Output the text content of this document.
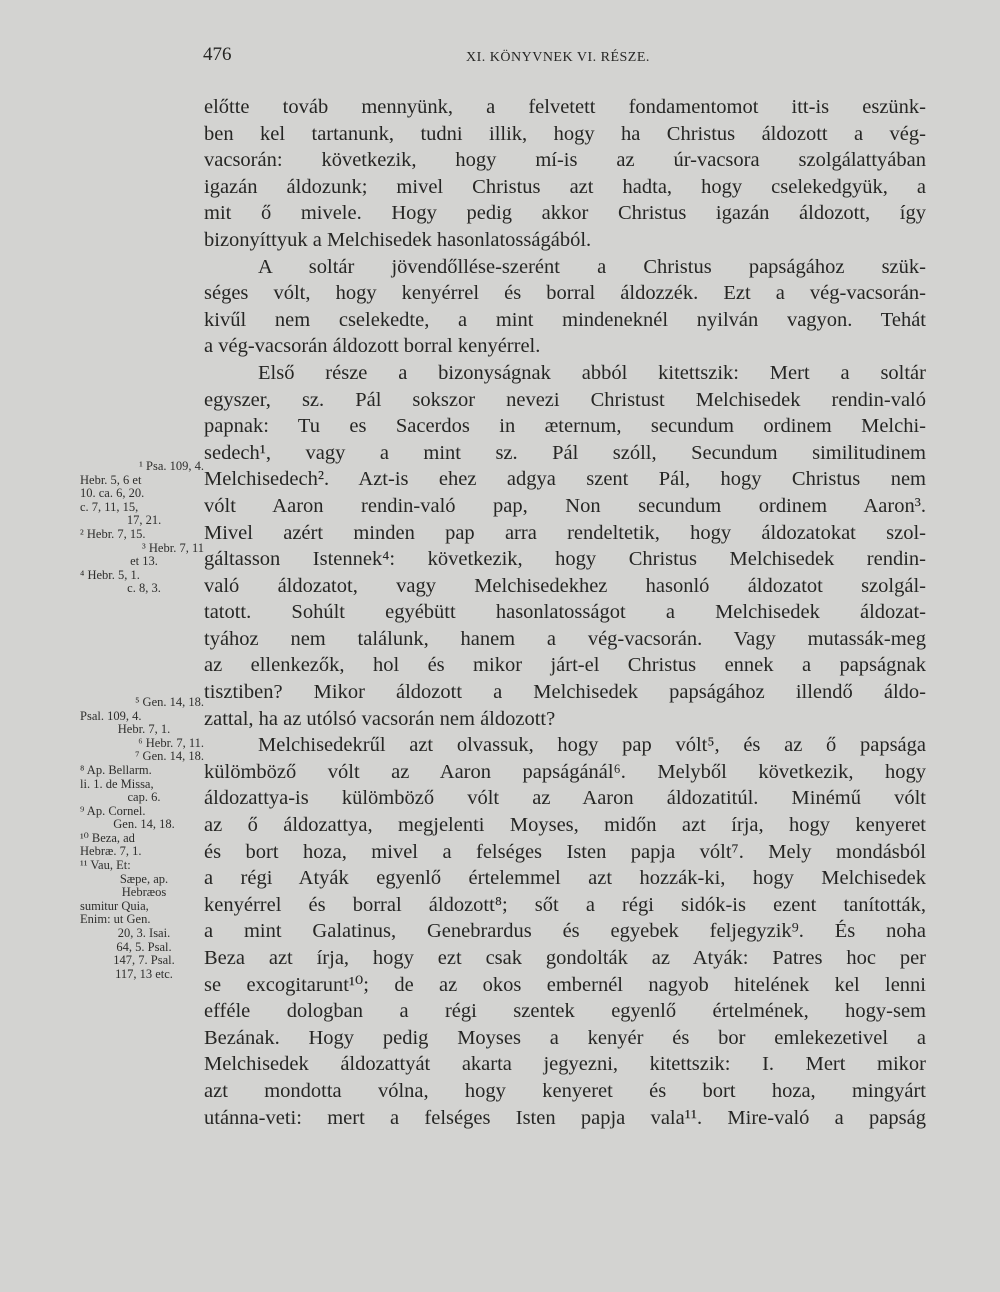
476	XI. KÖNYVNEK VI. RÉSZE.
előtte továb mennyünk, a felvetett fondamentomot itt-is eszünk-
ben kel tartanunk, tudni illik, hogy ha Christus áldozott a vég-
vacsorán: következik, hogy mí-is az úr-vacsora szolgálattyában
igazán áldozunk; mivel Christus azt hadta, hogy cselekedgyük, a
mit ő mivele. Hogy pedig akkor Christus igazán áldozott, így
bizonyíttyuk a Melchisedek hasonlatosságából.
A soltár jövendőllése-szerént a Christus papságához szük-
séges vólt, hogy kenyérrel és borral áldozzék. Ezt a vég-vacsorán-
kivűl nem cselekedte, a mint mindeneknél nyilván vagyon. Tehát
a vég-vacsorán áldozott borral kenyérrel.
Első része a bizonyságnak abból kitettszik: Mert a soltár
egyszer, sz. Pál sokszor nevezi Christust Melchisedek rendin-való
papnak: Tu es Sacerdos in æternum, secundum ordinem Melchi-
sedech¹, vagy a mint sz. Pál szóll, Secundum similitudinem
Melchisedech². Azt-is ehez adgya szent Pál, hogy Christus nem
vólt Aaron rendin-való pap, Non secundum ordinem Aaron³.
Mivel azért minden pap arra rendeltetik, hogy áldozatokat szol-
gáltasson Istennek⁴: következik, hogy Christus Melchisedek rendin-
való áldozatot, vagy Melchisedekhez hasonló áldozatot szolgál-
tatott. Sohúlt egyébütt hasonlatosságot a Melchisedek áldozat-
tyához nem találunk, hanem a vég-vacsorán. Vagy mutassák-meg
az ellenkezők, hol és mikor járt-el Christus ennek a papságnak
tisztiben? Mikor áldozott a Melchisedek papságához illendő áldo-
zattal, ha az utólsó vacsorán nem áldozott?
Melchisedekrűl azt olvassuk, hogy pap vólt⁵, és az ő papsága
külömböző vólt az Aaron papságánál⁶. Melyből következik, hogy
áldozattya-is külömböző vólt az Aaron áldozatitúl. Minémű vólt
az ő áldozattya, megjelenti Moyses, midőn azt írja, hogy kenyeret
és bort hoza, mivel a felséges Isten papja vólt⁷. Mely mondásból
a régi Atyák egyenlő értelemmel azt hozzák-ki, hogy Melchisedek
kenyérrel és borral áldozott⁸; sőt a régi sidók-is ezent tanították,
a mint Galatinus, Genebrardus és egyebek feljegyzik⁹. És noha
Beza azt írja, hogy ezt csak gondolták az Atyák: Patres hoc per
se excogitarunt¹⁰; de az okos embernél nagyob hitelének kel lenni
efféle dologban a régi szentek egyenlő értelmének, hogy-sem
Bezának. Hogy pedig Moyses a kenyér és bor emlekezetivel a
Melchisedek áldozattyát akarta jegyezni, kitettszik: I. Mert mikor
azt mondotta vólna, hogy kenyeret és bort hoza, mingyárt
utánna-veti: mert a felséges Isten papja vala¹¹. Mire-való a papság
¹ Psa. 109, 4.
Hebr. 5, 6 et
10. ca. 6, 20.
c. 7, 11, 15,
17, 21.
² Hebr. 7, 15.
³ Hebr. 7, 11
et 13.
⁴ Hebr. 5, 1.
c. 8, 3.
⁵ Gen. 14, 18.
Psal. 109, 4.
Hebr. 7, 1.
⁶ Hebr. 7, 11.
⁷ Gen. 14, 18.
⁸ Ap. Bellarm.
li. 1. de Missa,
cap. 6.
⁹ Ap. Cornel.
Gen. 14, 18.
¹⁰ Beza, ad
Hebræ. 7, 1.
¹¹ Vau, Et:
Sæpe, ap.
Hebræos
sumitur Quia,
Enim: ut Gen.
20, 3. Isai.
64, 5. Psal.
147, 7. Psal.
117, 13 etc.
